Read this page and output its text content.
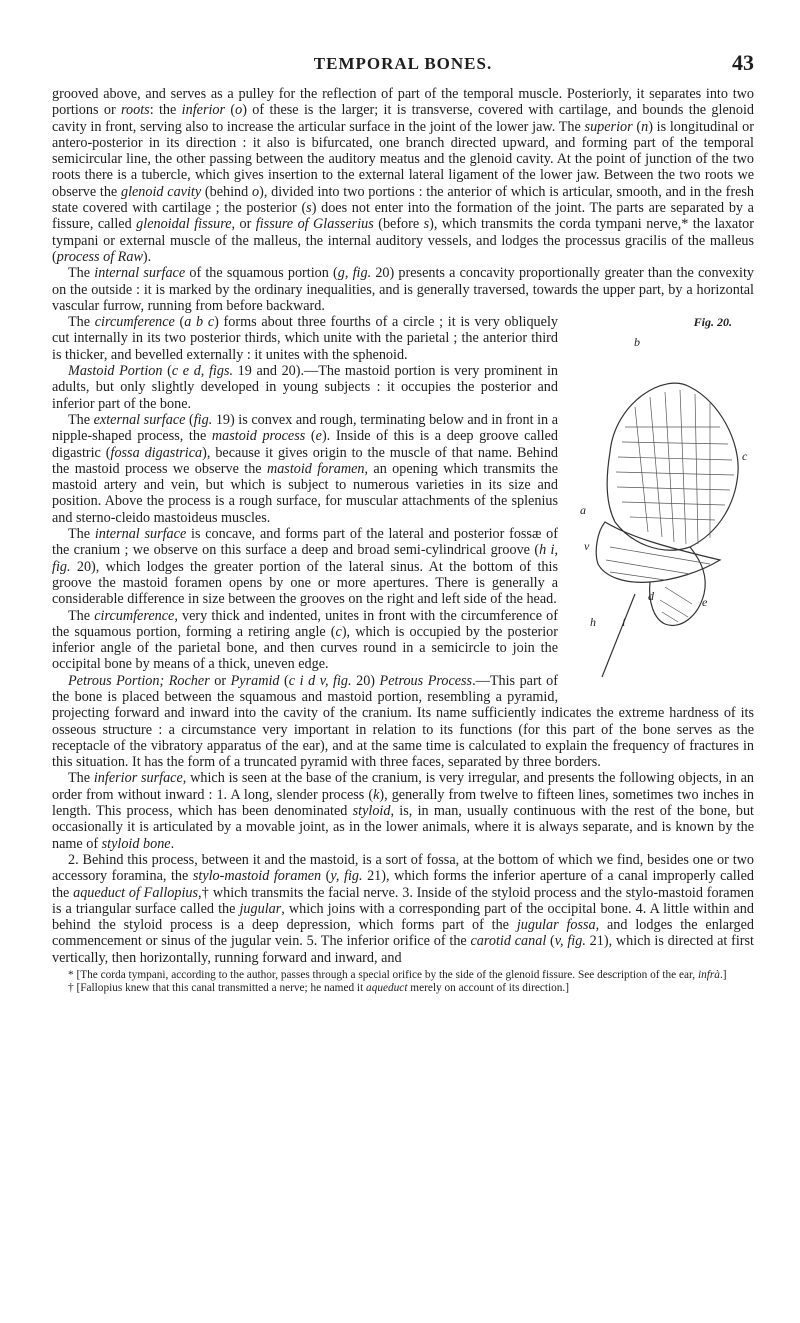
TEMPORAL BONES.	43

grooved above, and serves as a pulley for the reflection of part of the temporal muscle. Posteriorly, it separates into two portions or roots: the inferior (o) of these is the larger; it is transverse, covered with cartilage, and bounds the glenoid cavity in front, serving also to increase the articular surface in the joint of the lower jaw. The superior (n) is longitudinal or antero-posterior in its direction : it also is bifurcated, one branch directed upward, and forming part of the temporal semicircular line, the other passing between the auditory meatus and the glenoid cavity. At the point of junction of the two roots there is a tubercle, which gives insertion to the external lateral ligament of the lower jaw. Between the two roots we observe the glenoid cavity (behind o), divided into two portions : the anterior of which is articular, smooth, and in the fresh state covered with cartilage ; the posterior (s) does not enter into the formation of the joint. The parts are separated by a fissure, called glenoidal fissure, or fissure of Glasserius (before s), which transmits the corda tympani nerve,* the laxator tympani or external muscle of the malleus, the internal auditory vessels, and lodges the processus gracilis of the malleus (process of Raw).

The internal surface of the squamous portion (g, fig. 20) presents a concavity proportionally greater than the convexity on the outside : it is marked by the ordinary inequalities, and is generally traversed, towards the upper part, by a horizontal vascular furrow, running from before backward.

Fig. 20.
b
c
a
v
d	e
h i

The circumference (a b c) forms about three fourths of a circle ; it is very obliquely cut internally in its two posterior thirds, which unite with the parietal ; the anterior third is thicker, and bevelled externally : it unites with the sphenoid.

Mastoid Portion (c e d, figs. 19 and 20).—The mastoid portion is very prominent in adults, but only slightly developed in young subjects : it occupies the posterior and inferior part of the bone.

The external surface (fig. 19) is convex and rough, terminating below and in front in a nipple-shaped process, the mastoid process (e). Inside of this is a deep groove called digastric (fossa digastrica), because it gives origin to the muscle of that name. Behind the mastoid process we observe the mastoid foramen, an opening which transmits the mastoid artery and vein, but which is subject to numerous varieties in its size and position. Above the process is a rough surface, for muscular attachments of the splenius and sterno-cleido mastoideus muscles.

The internal surface is concave, and forms part of the lateral and posterior fossæ of the cranium ; we observe on this surface a deep and broad semi-cylindrical groove (h i, fig. 20), which lodges the greater portion of the lateral sinus. At the bottom of this groove the mastoid foramen opens by one or more apertures. There is generally a considerable difference in size between the grooves on the right and left side of the head.

The circumference, very thick and indented, unites in front with the circumference of the squamous portion, forming a retiring angle (c), which is occupied by the posterior inferior angle of the parietal bone, and then curves round in a semicircle to join the occipital bone by means of a thick, uneven edge.

Petrous Portion; Rocher or Pyramid (c i d v, fig. 20) Petrous Process.—This part of the bone is placed between the squamous and mastoid portion, resembling a pyramid, projecting forward and inward into the cavity of the cranium. Its name sufficiently indicates the extreme hardness of its osseous structure : a circumstance very important in relation to its functions (for this part of the bone serves as the receptacle of the vibratory apparatus of the ear), and at the same time is calculated to explain the frequency of fractures in this situation. It has the form of a truncated pyramid with three faces, separated by three borders.

The inferior surface, which is seen at the base of the cranium, is very irregular, and presents the following objects, in an order from without inward : 1. A long, slender process (k), generally from twelve to fifteen lines, sometimes two inches in length. This process, which has been denominated styloid, is, in man, usually continuous with the rest of the bone, but occasionally it is articulated by a movable joint, as in the lower animals, where it is always separate, and is known by the name of styloid bone.

2. Behind this process, between it and the mastoid, is a sort of fossa, at the bottom of which we find, besides one or two accessory foramina, the stylo-mastoid foramen (y, fig. 21), which forms the inferior aperture of a canal improperly called the aqueduct of Fallopius,† which transmits the facial nerve. 3. Inside of the styloid process and the stylo-mastoid foramen is a triangular surface called the jugular, which joins with a corresponding part of the occipital bone. 4. A little within and behind the styloid process is a deep depression, which forms part of the jugular fossa, and lodges the enlarged commencement or sinus of the jugular vein. 5. The inferior orifice of the carotid canal (v, fig. 21), which is directed at first vertically, then horizontally, running forward and inward, and

* [The corda tympani, according to the author, passes through a special orifice by the side of the glenoid fissure. See description of the ear, infrà.]

† [Fallopius knew that this canal transmitted a nerve; he named it aqueduct merely on account of its direction.]
